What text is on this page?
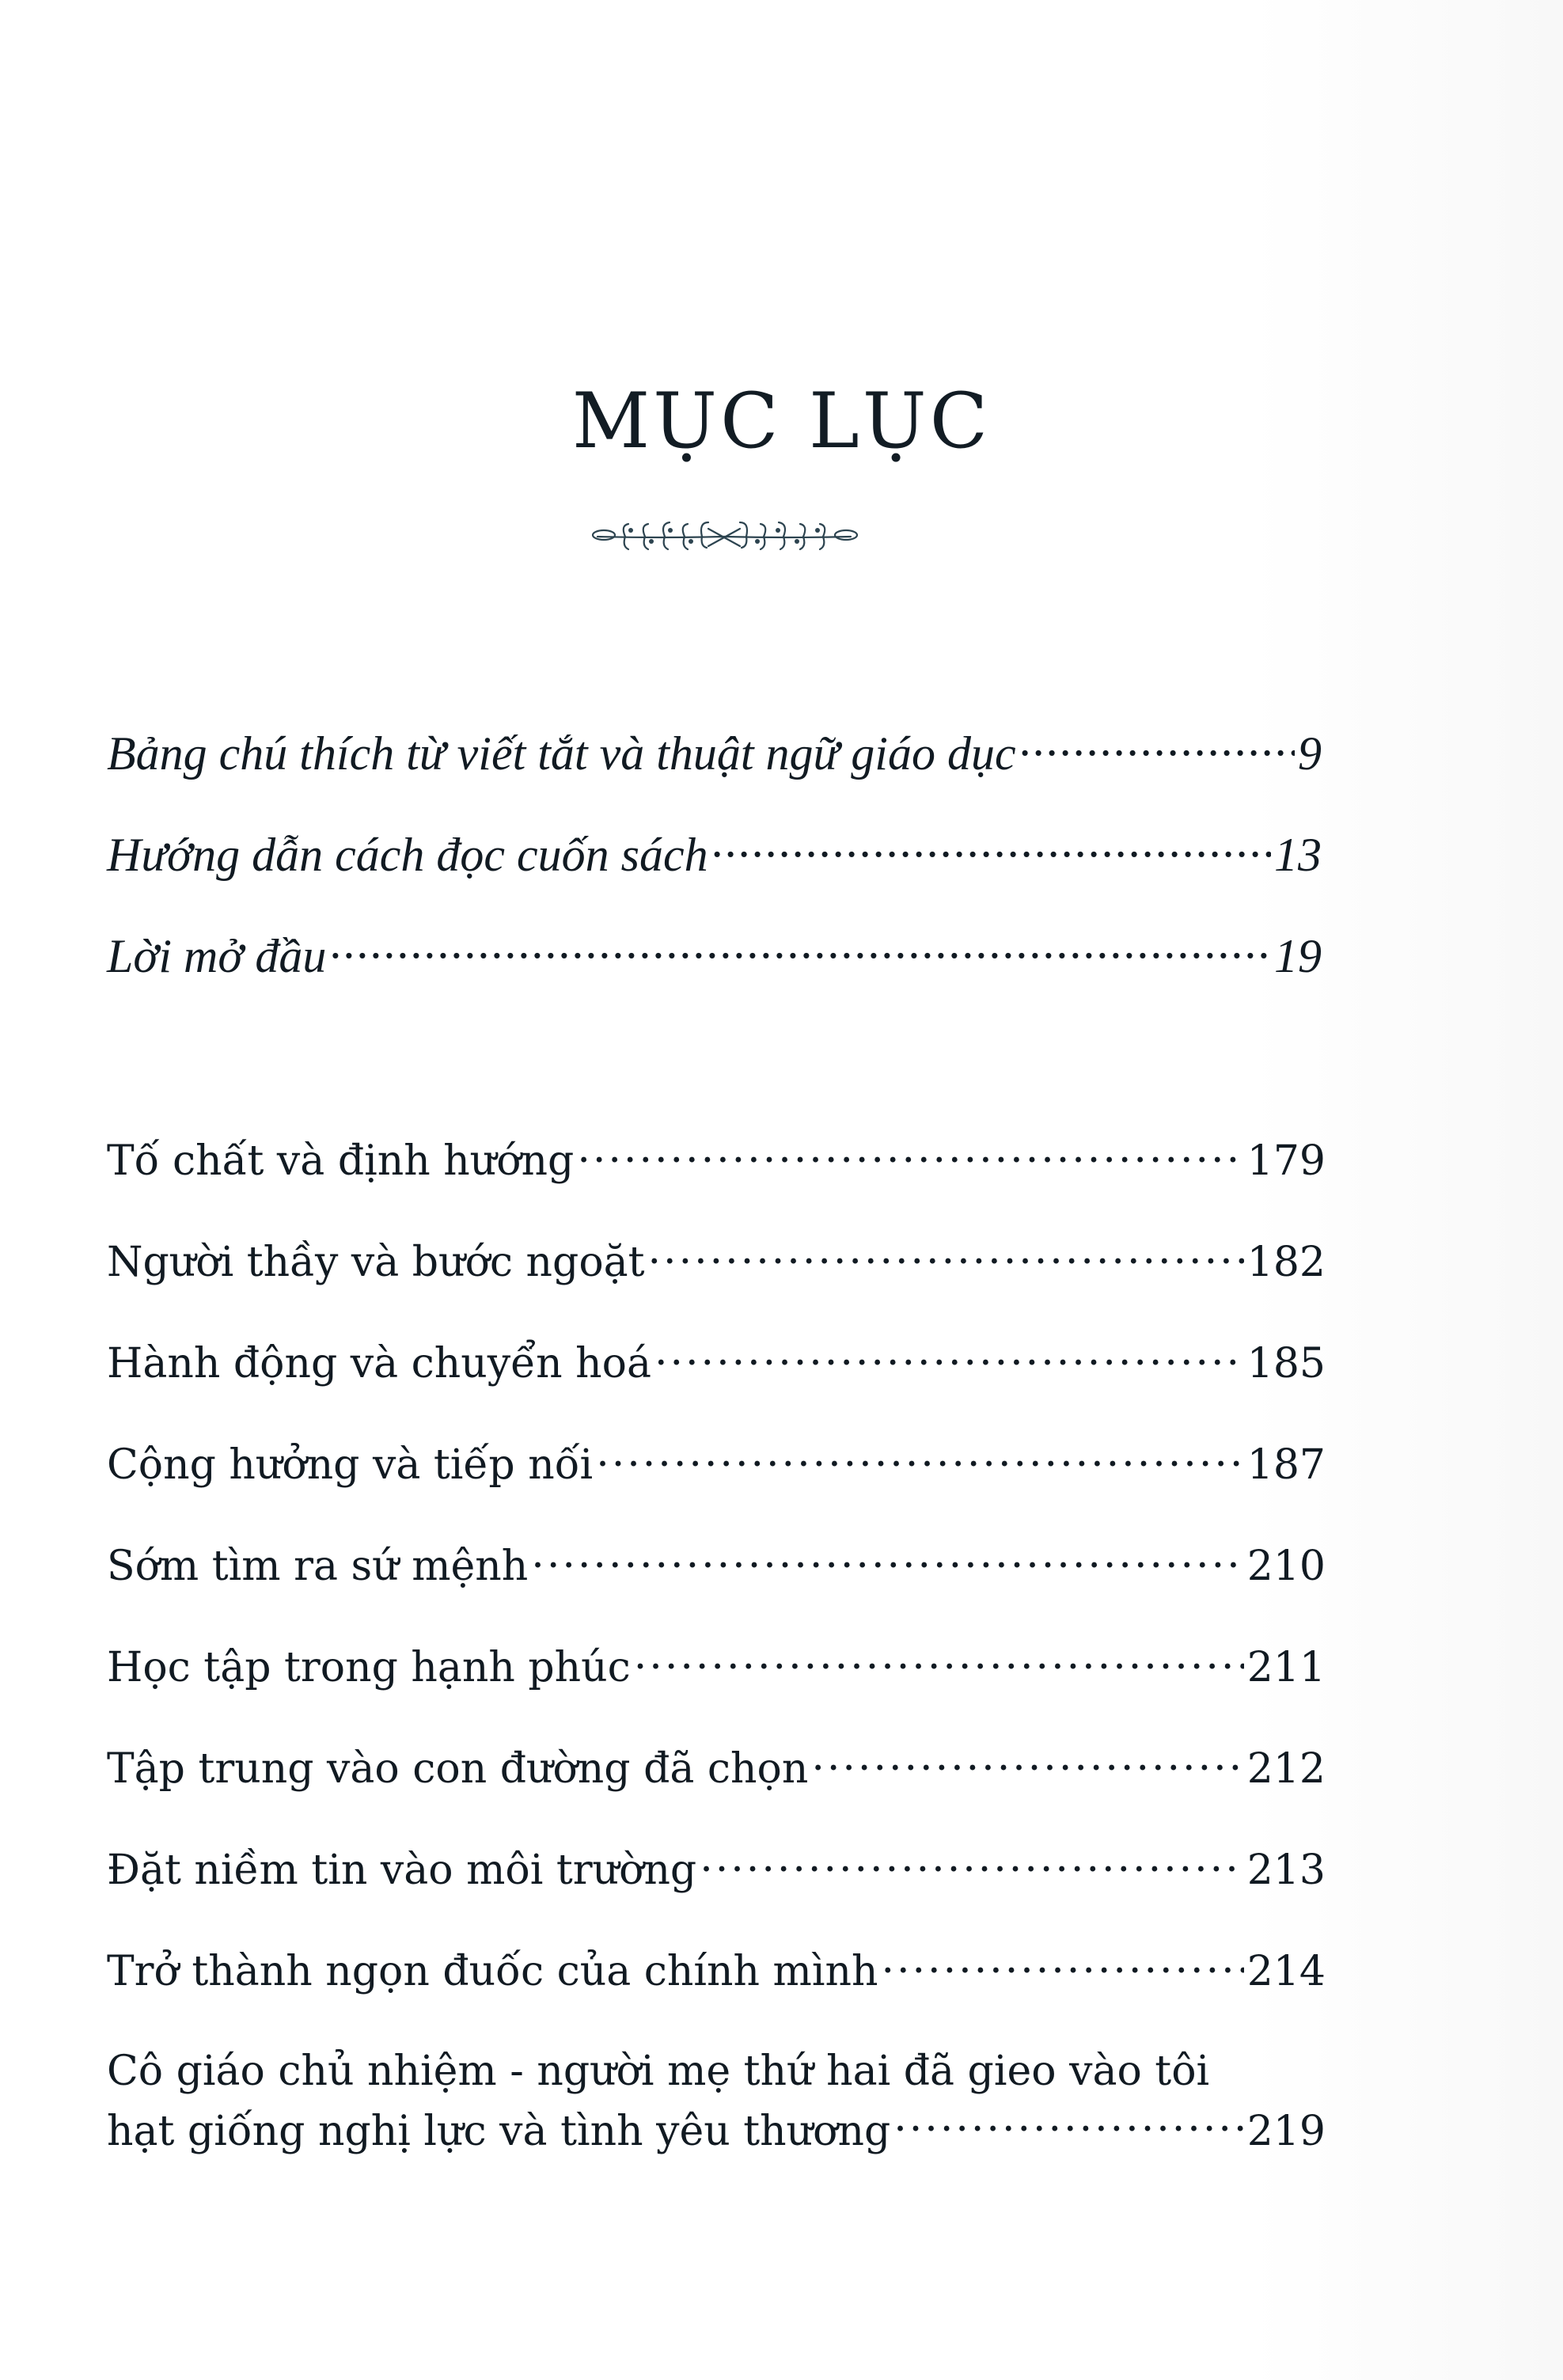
MỤC LỤC
Bảng chú thích từ viết tắt và thuật ngữ giáo dục .....	9
Hướng dẫn cách đọc cuốn sách .....	13
Lời mở đầu .....	19
Tố chất và định hướng .....	179
Người thầy và bước ngoặt .....	182
Hành động và chuyển hoá .....	185
Cộng hưởng và tiếp nối .....	187
Sớm tìm ra sứ mệnh .....	210
Học tập trong hạnh phúc .....	211
Tập trung vào con đường đã chọn .....	212
Đặt niềm tin vào môi trường .....	213
Trở thành ngọn đuốc của chính mình .....	214
Cô giáo chủ nhiệm - người mẹ thứ hai đã gieo vào tôi
hạt giống nghị lực và tình yêu thương .....	219
